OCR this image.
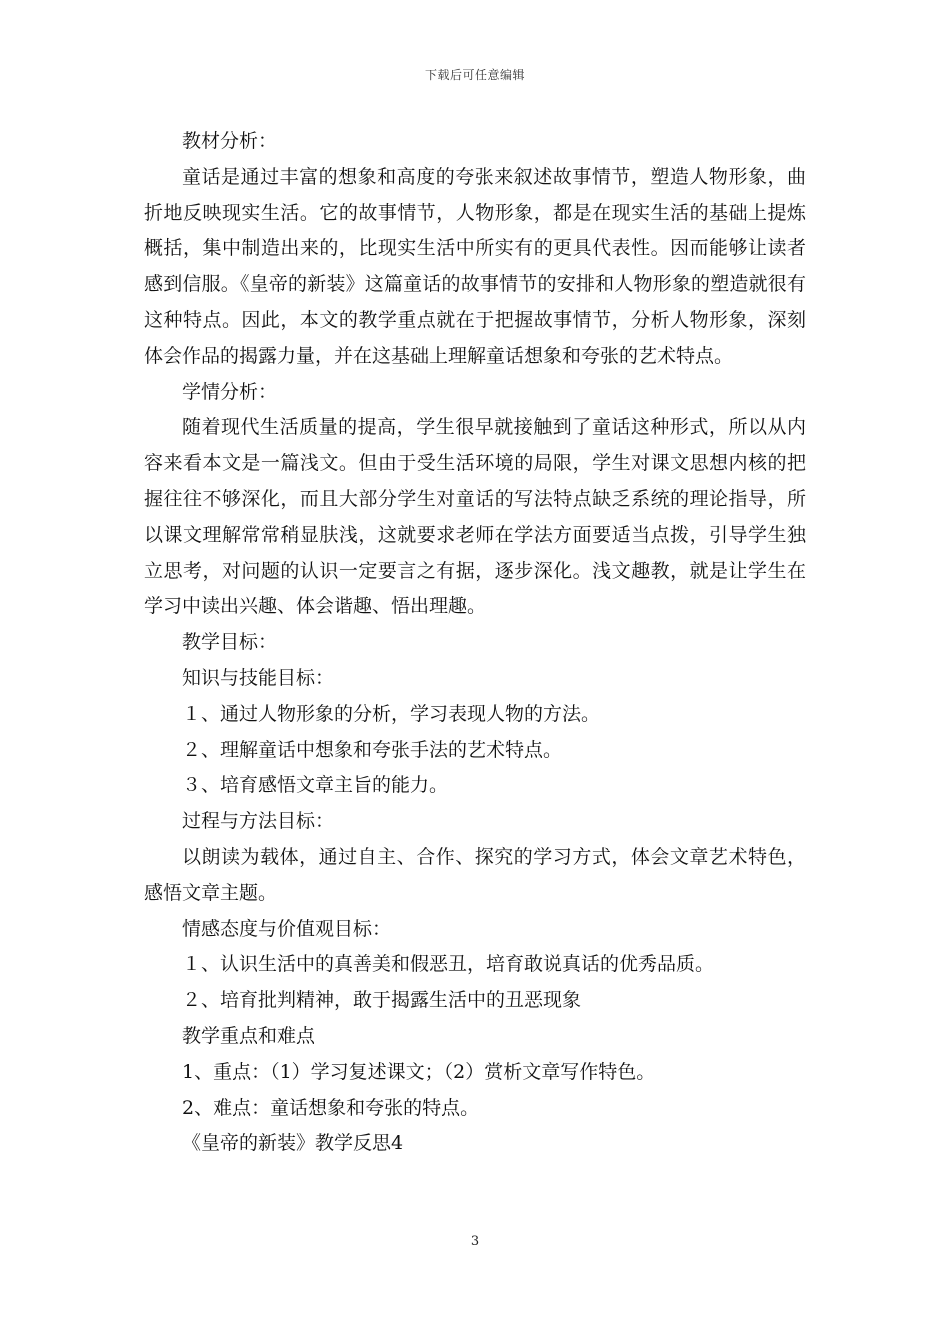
下载后可任意编辑

教材分析：

童话是通过丰富的想象和高度的夸张来叙述故事情节，塑造人物形象，曲折地反映现实生活。它的故事情节，人物形象，都是在现实生活的基础上提炼概括，集中制造出来的，比现实生活中所实有的更具代表性。因而能够让读者感到信服。《皇帝的新装》这篇童话的故事情节的安排和人物形象的塑造就很有这种特点。因此，本文的教学重点就在于把握故事情节，分析人物形象，深刻体会作品的揭露力量，并在这基础上理解童话想象和夸张的艺术特点。

学情分析：

随着现代生活质量的提高，学生很早就接触到了童话这种形式，所以从内容来看本文是一篇浅文。但由于受生活环境的局限，学生对课文思想内核的把握往往不够深化，而且大部分学生对童话的写法特点缺乏系统的理论指导，所以课文理解常常稍显肤浅，这就要求老师在学法方面要适当点拨，引导学生独立思考，对问题的认识一定要言之有据，逐步深化。浅文趣教，就是让学生在学习中读出兴趣、体会谐趣、悟出理趣。

教学目标：

知识与技能目标：

１、通过人物形象的分析，学习表现人物的方法。

２、理解童话中想象和夸张手法的艺术特点。

３、培育感悟文章主旨的能力。

过程与方法目标：

以朗读为载体，通过自主、合作、探究的学习方式，体会文章艺术特色，感悟文章主题。

情感态度与价值观目标：

１、认识生活中的真善美和假恶丑，培育敢说真话的优秀品质。

２、培育批判精神，敢于揭露生活中的丑恶现象

教学重点和难点

1、重点：（1）学习复述课文；（2）赏析文章写作特色。

2、难点：童话想象和夸张的特点。

《皇帝的新装》教学反思4

3
